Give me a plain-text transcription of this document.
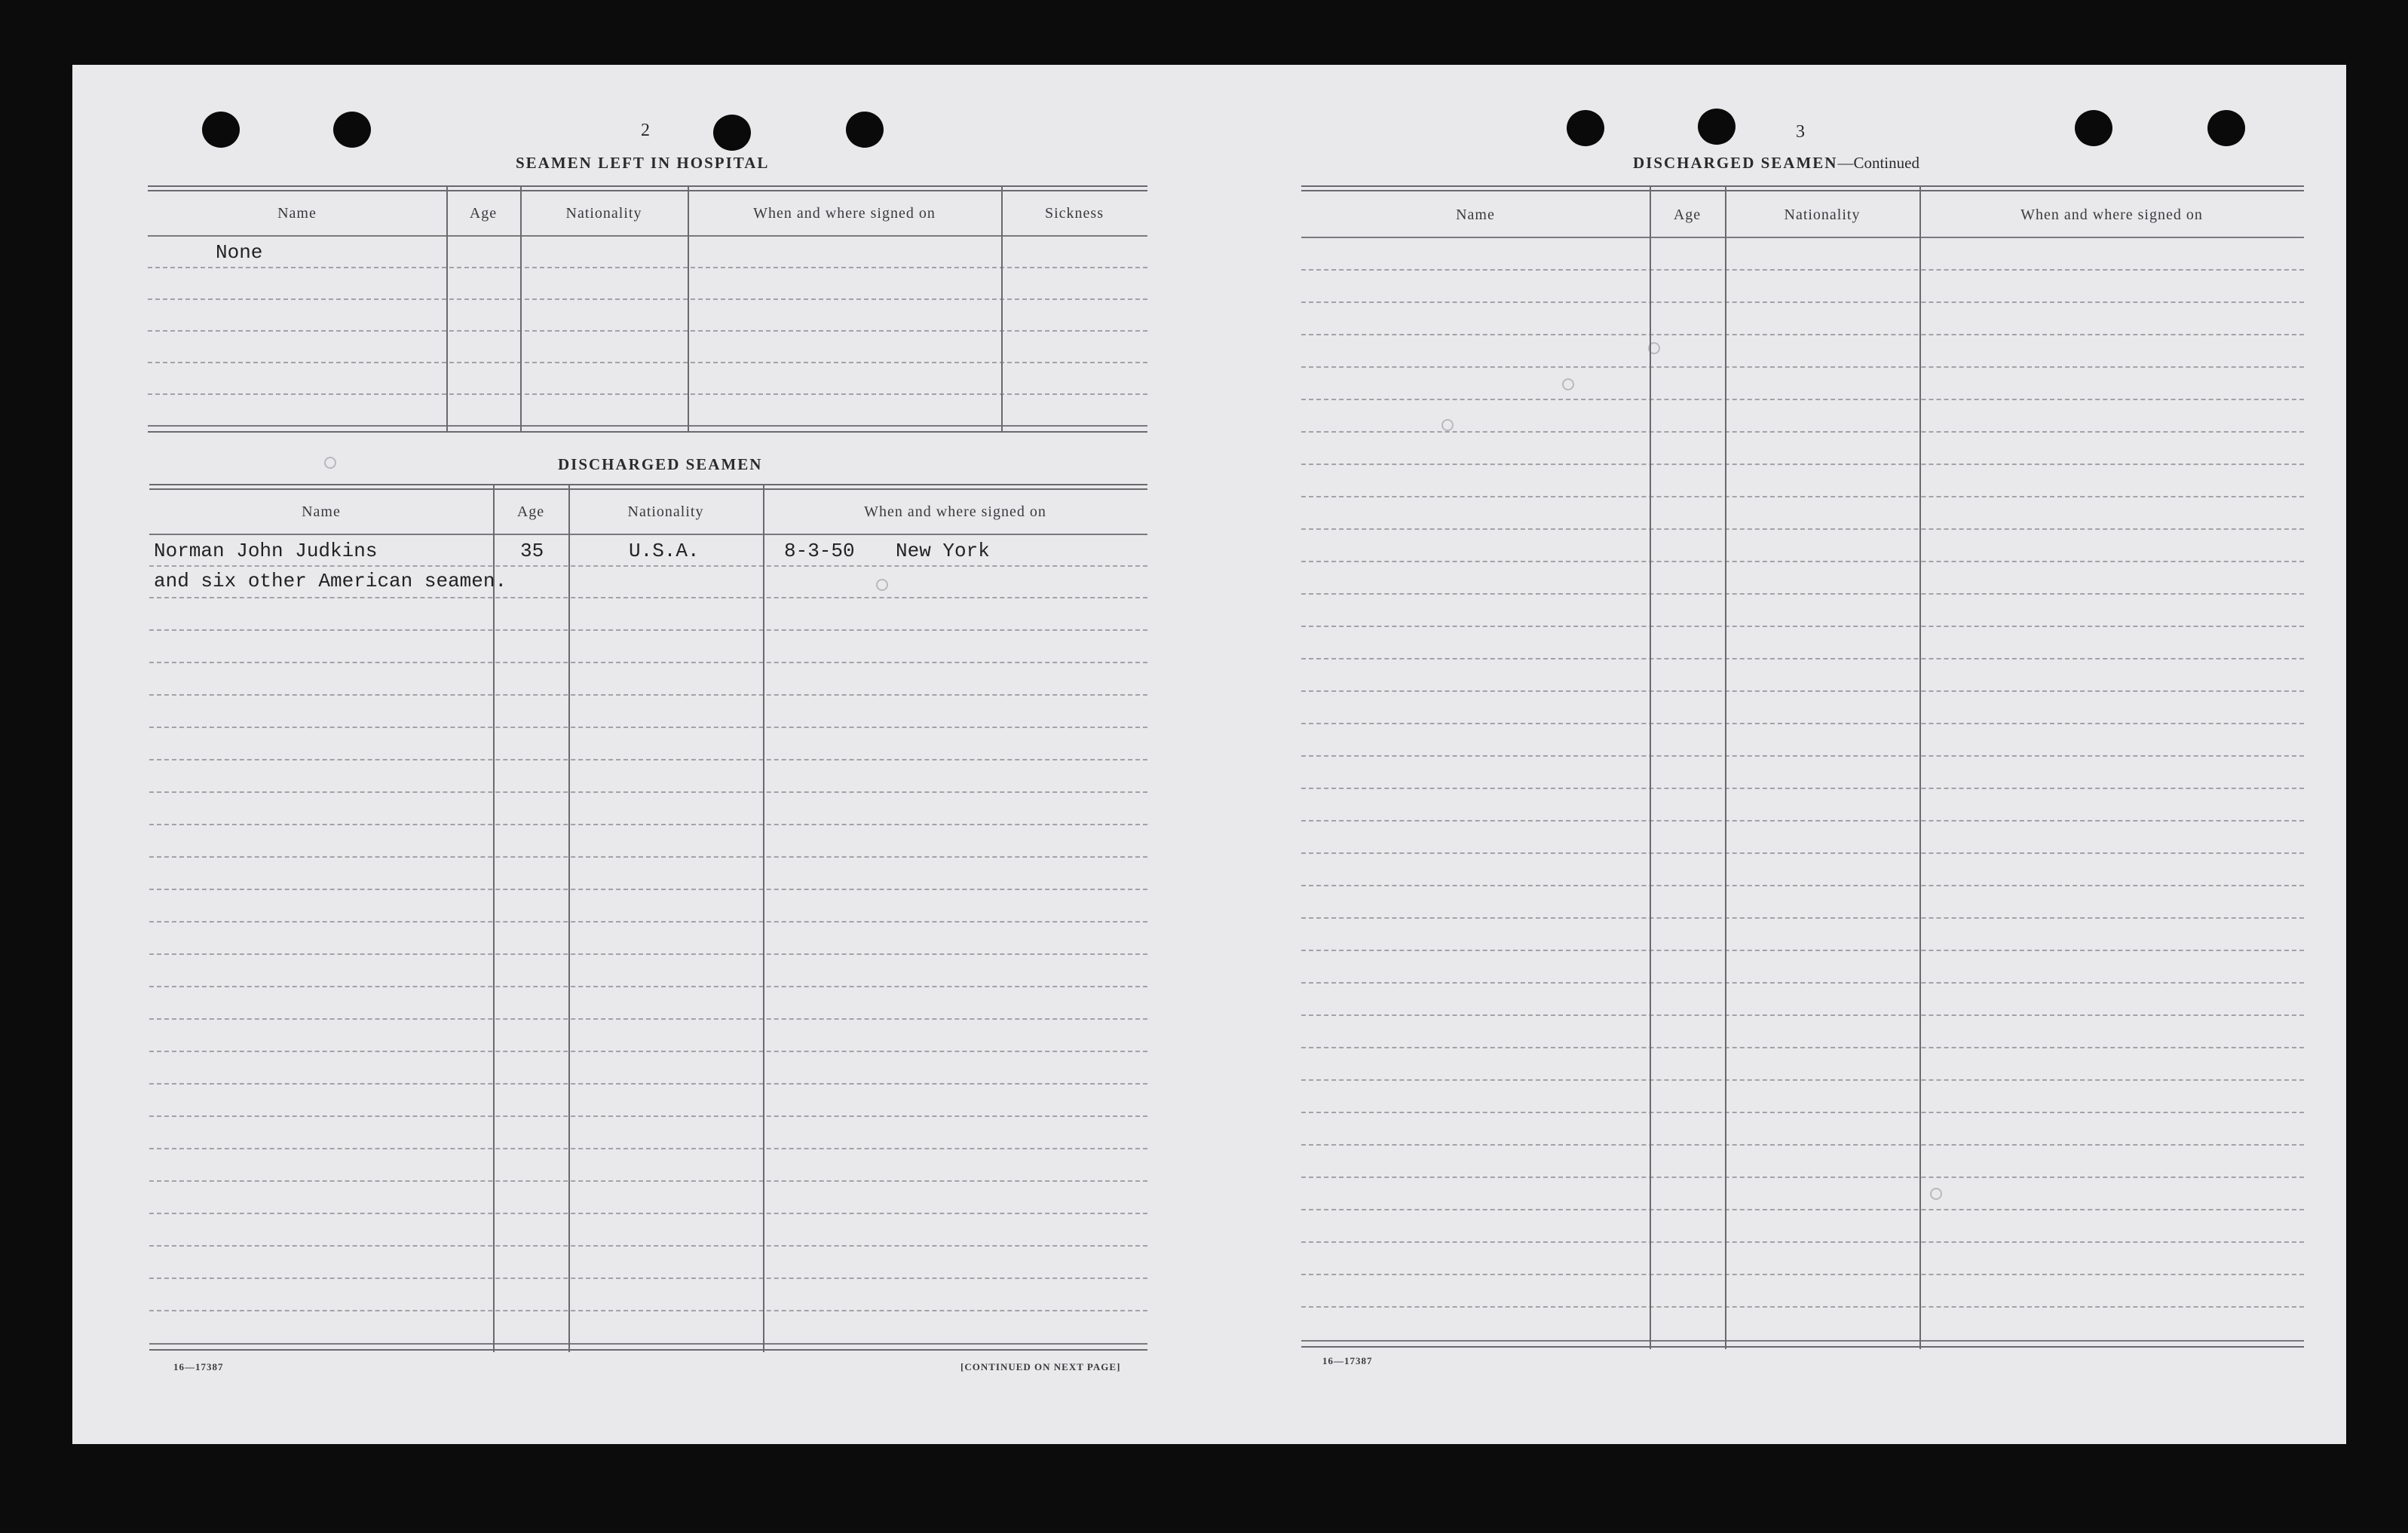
2
SEAMEN LEFT IN HOSPITAL
Name	Age	Nationality	When and where signed on	Sickness
None
DISCHARGED SEAMEN
Name	Age	Nationality	When and where signed on
Norman John Judkins	35	U.S.A.	8-3-50 New York
and six other American seamen.
16—17387	[CONTINUED ON NEXT PAGE]
3
DISCHARGED SEAMEN—Continued
Name	Age	Nationality	When and where signed on
16—17387
